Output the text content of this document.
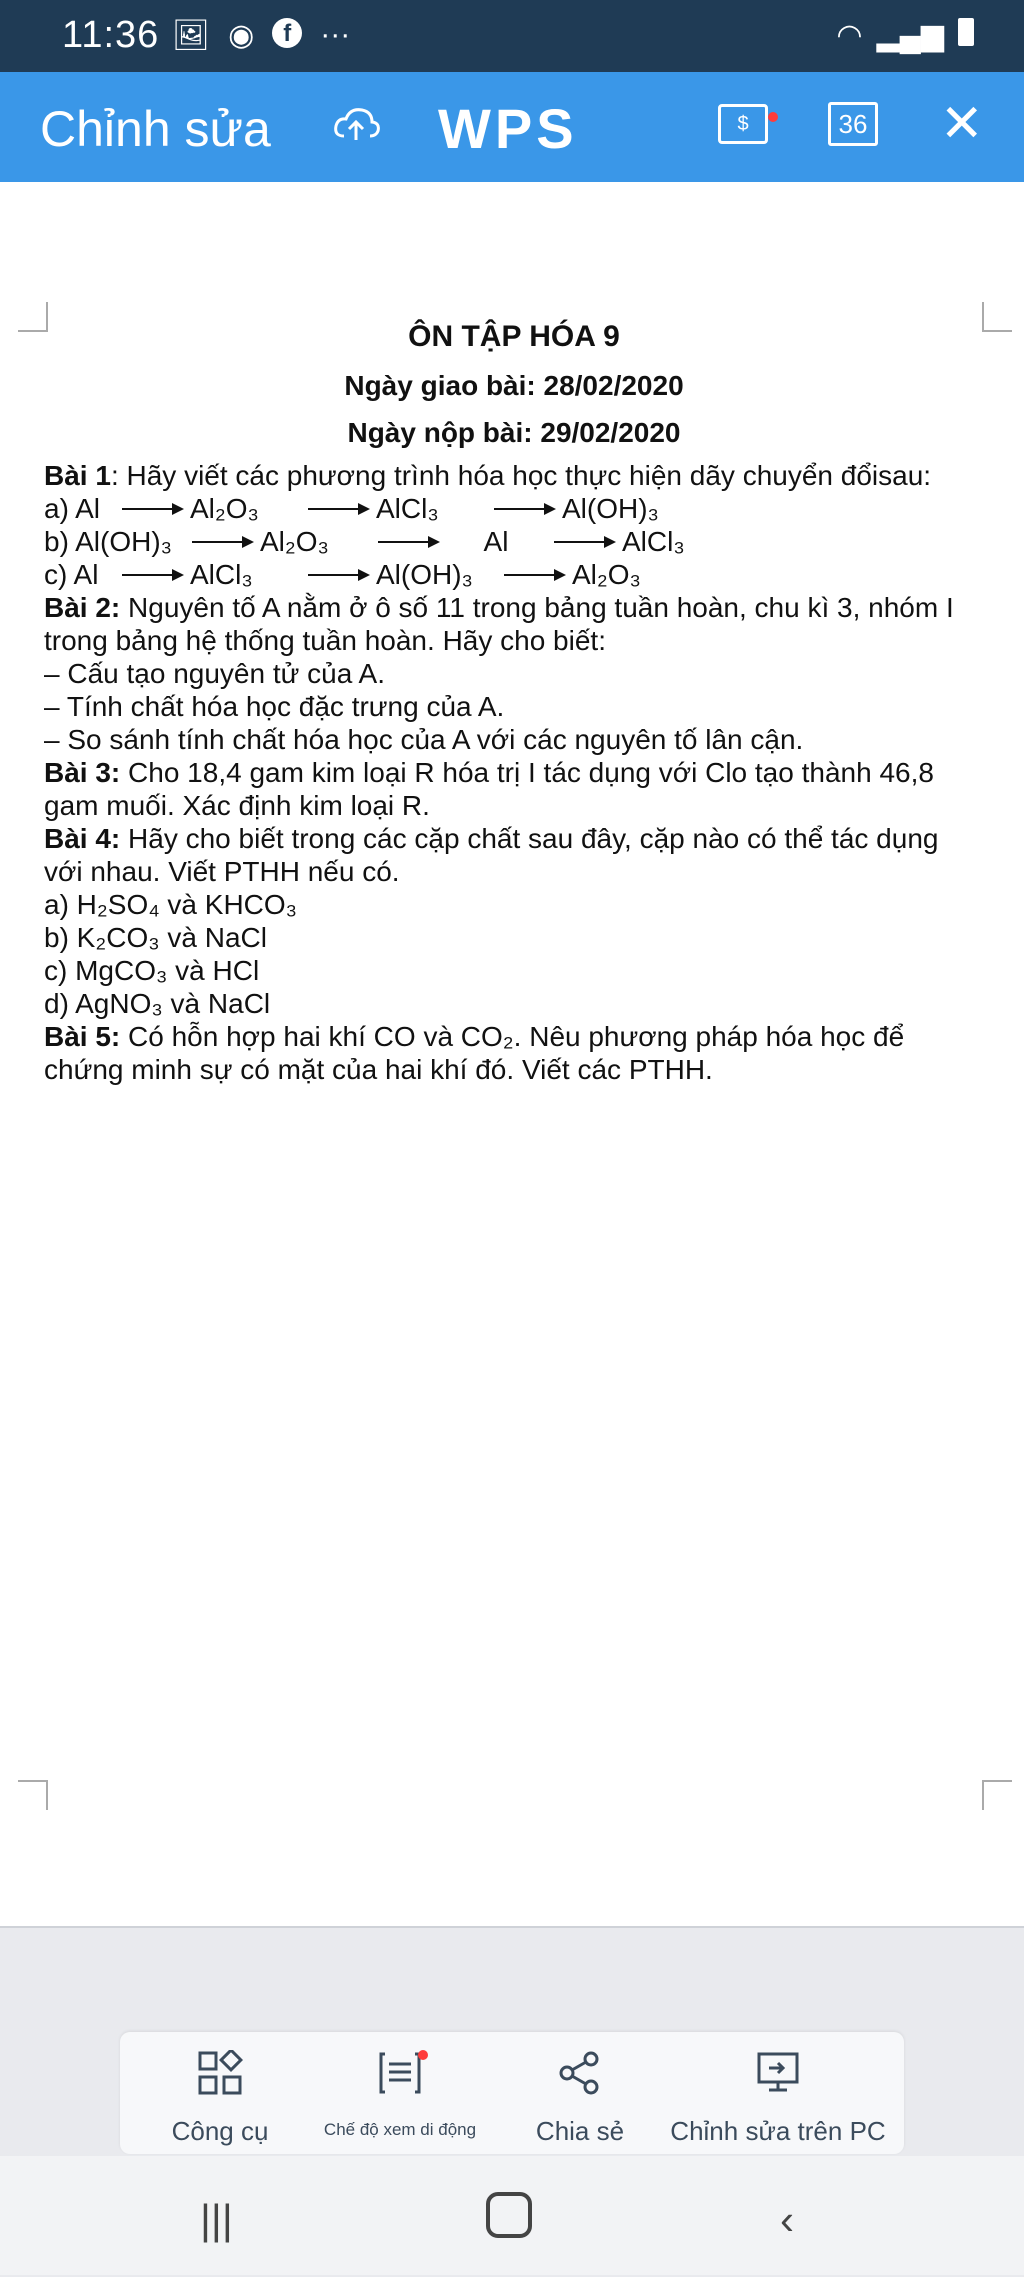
11:36 🖼 ◉	f ···	◠ ▂▄▆
Chỉnh sửa	WPS	$	36 ✕
ÔN TẬP HÓA 9
Ngày giao bài: 28/02/2020
Ngày nộp bài: 29/02/2020

Bài 1: Hãy viết các phương trình hóa học thực hiện dãy chuyển đổisau:

a) Al	Al₂O₃	AlCl₃	Al(OH)₃
b) Al(OH)₃	Al₂O₃	Al	AlCl₃
c) Al	AlCl₃	Al(OH)₃	Al₂O₃

Bài 2: Nguyên tố A nằm ở ô số 11 trong bảng tuần hoàn, chu kì 3, nhóm I trong bảng hệ thống tuần hoàn. Hãy cho biết:

– Cấu tạo nguyên tử của A.

– Tính chất hóa học đặc trưng của A.

– So sánh tính chất hóa học của A với các nguyên tố lân cận.

Bài 3: Cho 18,4 gam kim loại R hóa trị I tác dụng với Clo tạo thành 46,8 gam muối. Xác định kim loại R.

Bài 4: Hãy cho biết trong các cặp chất sau đây, cặp nào có thể tác dụng với nhau. Viết PTHH nếu có.

a) H₂SO₄ và KHCO₃

b) K₂CO₃ và NaCl

c) MgCO₃ và HCl

d) AgNO₃ và NaCl

Bài 5: Có hỗn hợp hai khí CO và CO₂. Nêu phương pháp hóa học để chứng minh sự có mặt của hai khí đó. Viết các PTHH.

Công cụ	Chế độ xem di động	Chia sẻ	Chỉnh sửa trên PC
|||	‹
